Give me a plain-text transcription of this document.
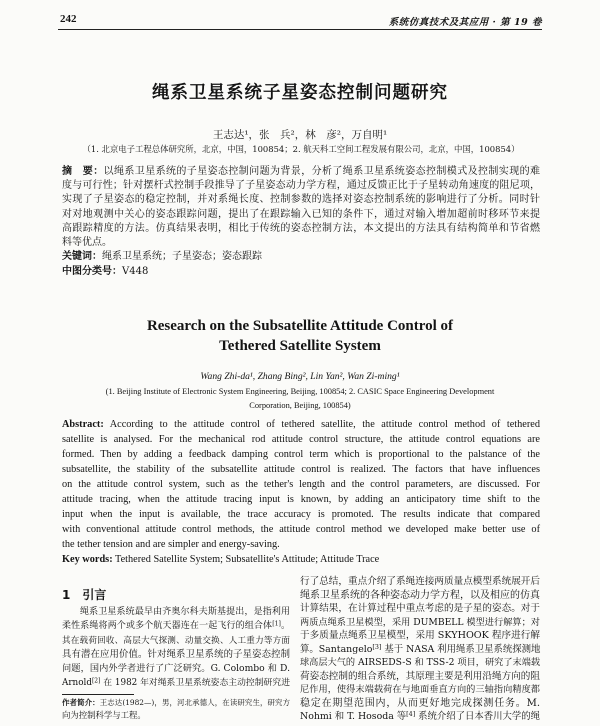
242	系统仿真技术及其应用 · 第 19 卷
绳系卫星系统子星姿态控制问题研究
王志达¹，张　兵²，林　彦²，万自明¹
（1. 北京电子工程总体研究所，北京，中国，100854；2. 航天科工空间工程发展有限公司，北京，中国，100854）
摘　要：以绳系卫星系统的子星姿态控制问题为背景，分析了绳系卫星系统姿态控制模式及控制实现的难
度与可行性；针对摆杆式控制手段推导了子星姿态动力学方程，通过反馈正比于子星转动角速度的阻尼项，
实现了子星姿态的稳定控制，并对系绳长度、控制参数的选择对姿态控制系统的影响进行了分析。同时针
对对地观测中关心的姿态跟踪问题，提出了在跟踪输入已知的条件下，通过对输入增加超前时移环节来提
高跟踪精度的方法。仿真结果表明，相比于传统的姿态控制方法，本文提出的方法具有结构简单和节省燃
料等优点。
关键词：绳系卫星系统；子星姿态；姿态跟踪
中图分类号：V448
Research on the Subsatellite Attitude Control of
Tethered Satellite System
Wang Zhi-da¹, Zhang Bing², Lin Yan², Wan Zi-ming¹
(1. Beijing Institute of Electronic System Engineering, Beijing, 100854; 2. CASIC Space Engineering Development
Corporation, Beijing, 100854)
Abstract: According to the attitude control of tethered satellite, the attitude control method of tethered
satellite is analysed. For the mechanical rod attitude control structure, the attitude control equations are
formed. Then by adding a feedback damping control term which is proportional to the palstance of the
subsatellite, the stability of the subsatellite attitude control is realized. The factors that have influences
on the attitude control system, such as the tether's length and the control parameters, are discussed. For
attitude tracing, when the attitude tracing input is known, by adding an anticipatory time shift to the
input when the input is available, the trace accuracy is promoted. The results indicate that compared
with conventional attitude control methods, the attitude control method we developed make better use of
the tether tension and are simpler and energy-saving.
Key words: Tethered Satellite System; Subsatellite's Attitude; Attitude Trace
1　引言
绳系卫星系统最早由齐奥尔科夫斯基提出，是指利用
柔性系绳将两个或多个航天器连在一起飞行的组合体[1]。
其在载荷回收、高层大气探测、动量交换、人工重力等方面
具有潜在应用价值。针对绳系卫星系统的子星姿态控制
问题，国内外学者进行了广泛研究。G. Colombo 和 D.
Arnold[2] 在 1982 年对绳系卫星系统姿态主动控制研究进
作者简介：王志达(1982—)，男，河北承德人，在读研究生，研究方
向为控制科学与工程。
行了总结，重点介绍了系绳连接两质量点模型系统展开后
绳系卫星系统的各种姿态动力学方程，以及相应的仿真
计算结果，在计算过程中重点考虑的是子星的姿态。对于
两质点绳系卫星模型，采用 DUMBELL 模型进行解算；对
于多质量点绳系卫星模型，采用 SKYHOOK 程序进行解
算。Santangelo[3] 基于 NASA 利用绳系卫星系统探测地
球高层大气的 AIRSEDS-S 和 TSS-2 项目，研究了末端载
荷姿态控制的组合系统，其原理主要是利用沿绳方向的阻
尼作用，使得末端载荷在与地面垂直方向的三轴指向精度都
稳定在期望范围内，从而更好地完成探测任务。M.
Nohmi 和 T. Hosoda 等[4] 系统介绍了日本香川大学的绳
